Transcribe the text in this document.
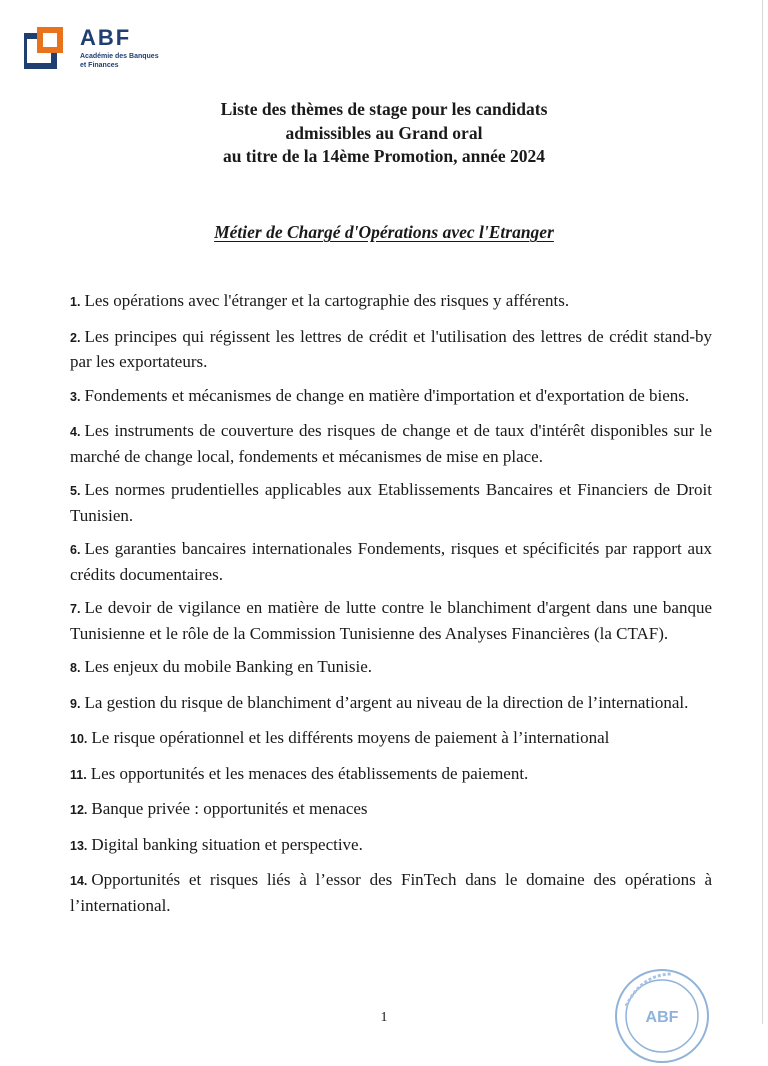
ABF
Académie des Banques
et Finances
Liste des thèmes de stage pour les candidats
admissibles au Grand oral
au titre de la 14ème Promotion, année 2024
Métier de Chargé d'Opérations avec l'Etranger
1. Les opérations avec l'étranger et la cartographie des risques y afférents.
2. Les principes qui régissent les lettres de crédit et l'utilisation des lettres de crédit stand-by par les exportateurs.
3. Fondements et mécanismes de change en matière d'importation et d'exportation de biens.
4. Les instruments de couverture des risques de change et de taux d'intérêt disponibles sur le marché de change local, fondements et mécanismes de mise en place.
5. Les normes prudentielles applicables aux Etablissements Bancaires et Financiers de Droit Tunisien.
6. Les garanties bancaires internationales Fondements, risques et spécificités par rapport aux crédits documentaires.
7. Le devoir de vigilance en matière de lutte contre le blanchiment d'argent dans une banque Tunisienne et le rôle de la Commission Tunisienne des Analyses Financières (la CTAF).
8. Les enjeux du mobile Banking en Tunisie.
9. La gestion du risque de blanchiment d’argent au niveau de la direction de l’international.
10. Le risque opérationnel et les différents moyens de paiement à l’international
11. Les opportunités et les menaces des établissements de paiement.
12. Banque privée : opportunités et menaces
13. Digital banking situation et perspective.
14. Opportunités et risques liés à l’essor des FinTech dans le domaine des opérations à l’international.
1	ABF
